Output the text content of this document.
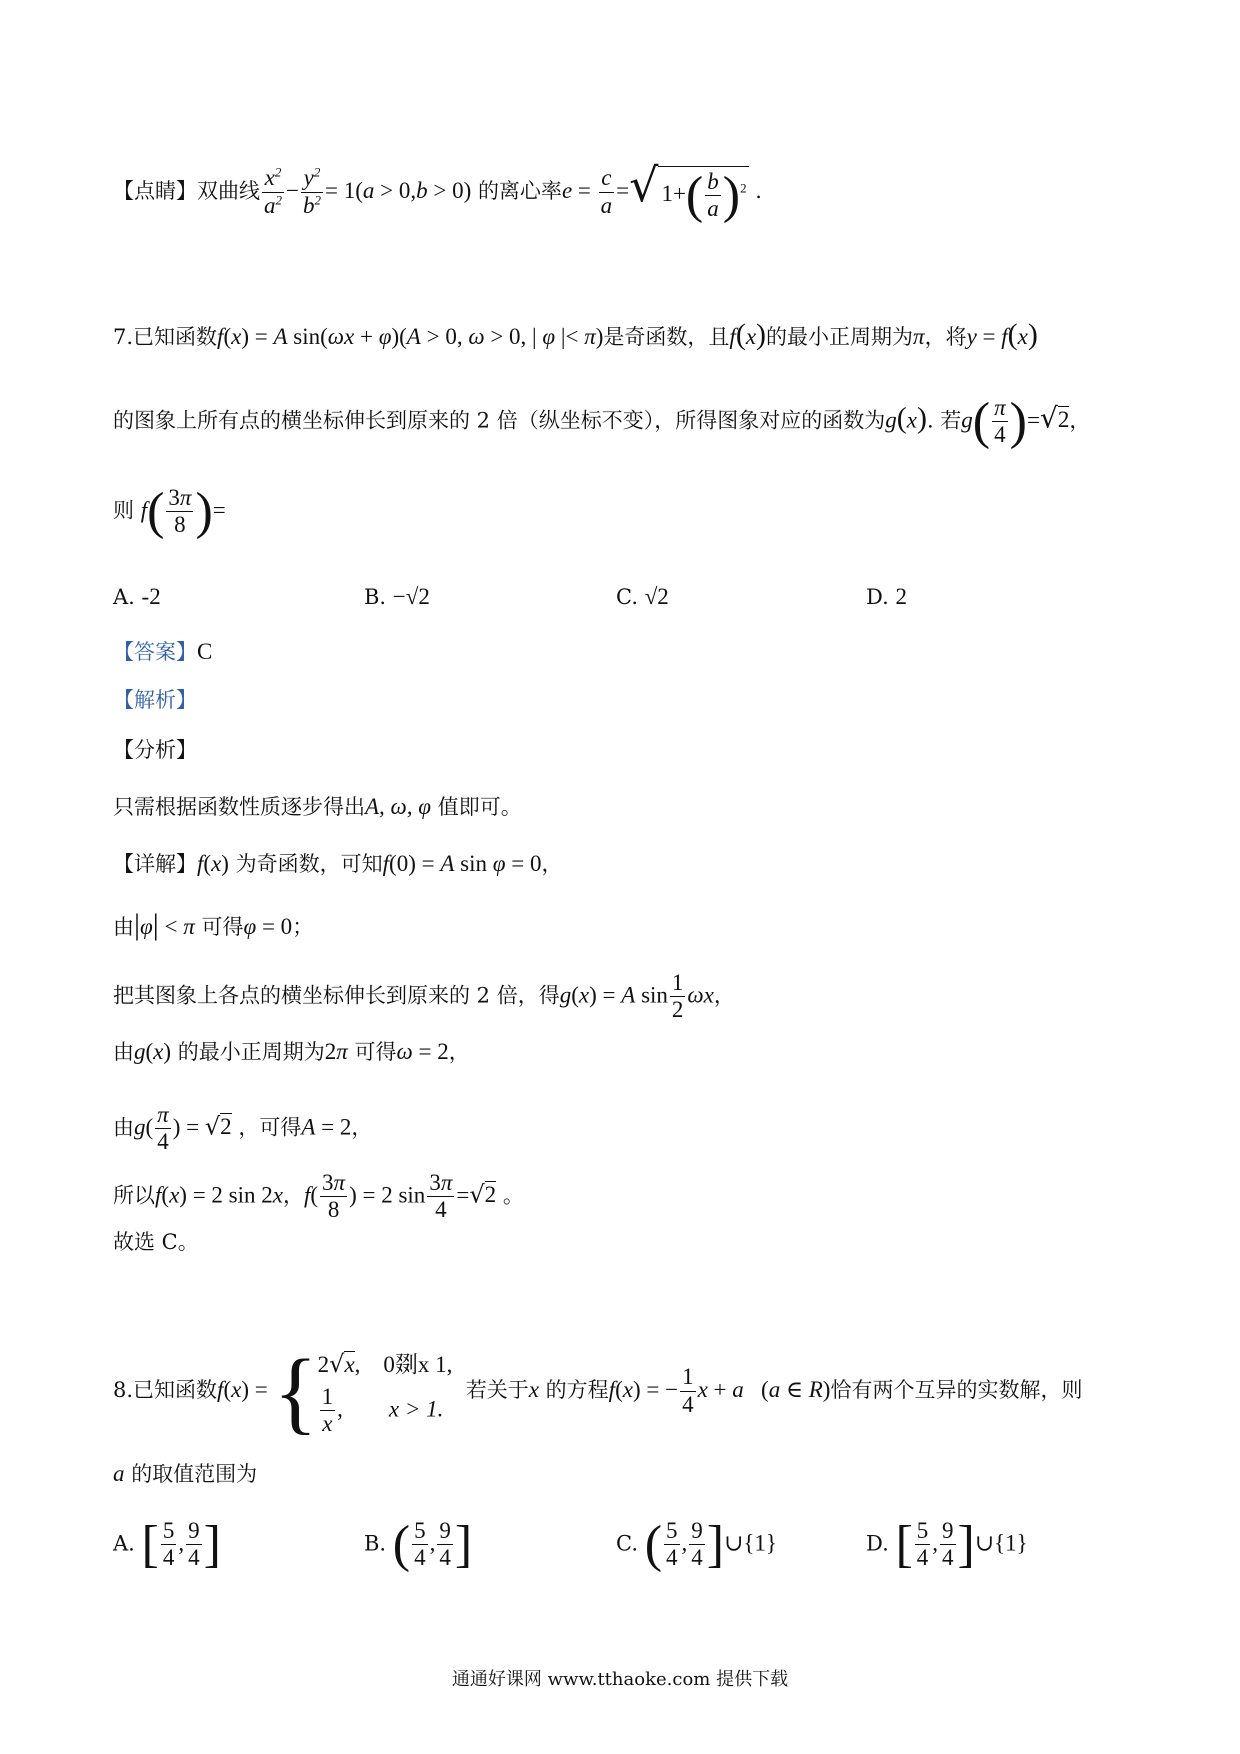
【点睛】双曲线 $\frac{x^2}{a^2} - \frac{y^2}{b^2} = 1(a > 0,b > 0)$ 的离心率$e = \frac{c}{a}$ =√ $1+( \frac{b}{a} )^2$ .
7.已知函数f(x) = A sin(ωx + φ)(A > 0, ω > 0, | φ |< π)是奇函数，且f(x)的最小正周期为π，将y = f(x)
的图象上所有点的横坐标伸长到原来的 2 倍（纵坐标不变），所得图象对应的函数为g(x). 若$g( \frac{\pi}{4} )=√2$，
则 $f( \frac{3\pi}{8}$ )=
A. -2	B. −√2	C. √2	D. 2
【答案】C
【解析】
【分析】
只需根据函数性质逐步得出A, ω, φ 值即可。
【详解】f(x) 为奇函数，可知f(0) = A sin φ = 0，
由|φ| < π 可得φ = 0；
把其图象上各点的横坐标伸长到原来的 2 倍，得g(x) = A $\sin \frac{1}{2}$ ωx，
由g(x) 的最小正周期为2π 可得ω = 2，
由$g( \frac{\pi}{4}$ ) = √2 ，可得A = 2，
所以f(x) = 2 sin 2x，$f( \frac{3\pi}{8}$ ) = 2 $\sin \frac{3\pi}{4} =√2$ 。
故选 C。
8.已知函数f(x) = { 2√x,    0剟x 1,
$\frac{1}{x}$ ,        x > 1.
若关于x 的方程f(x) = − $\frac{1}{4}$ x + a   (a ∈ R)恰有两个互异的实数解，则
a 的取值范围为
A. [ $\frac{5}{4}$ , $\frac{9}{4}$ ]	B. ( $\frac{5}{4}$ , $\frac{9}{4}$ ]	C. ( $\frac{5}{4}$ , $\frac{9}{4}$ ]∪{1}	D. [ $\frac{5}{4}$ , $\frac{9}{4}$ ]∪{1}
通通好课网 www.tthaoke.com 提供下载
